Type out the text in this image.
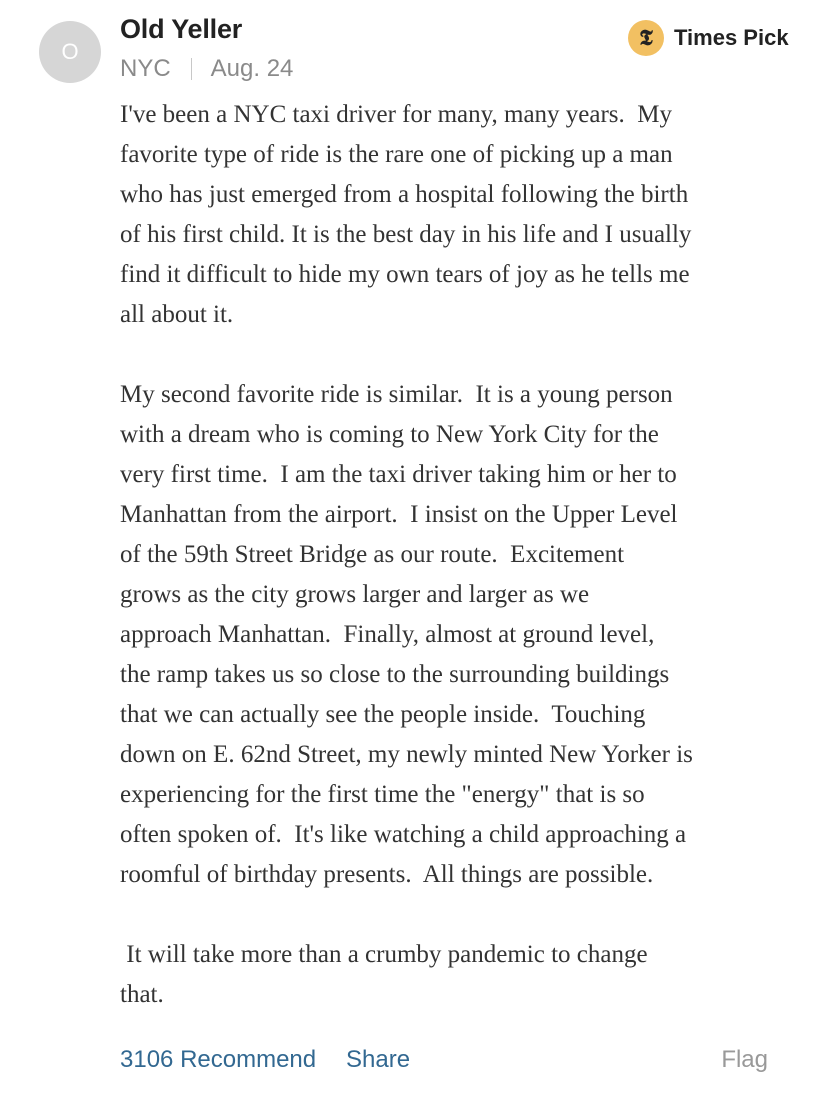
O
Old Yeller
NYC Aug. 24
𝕿 Times Pick

I've been a NYC taxi driver for many, many years.  My
favorite type of ride is the rare one of picking up a man
who has just emerged from a hospital following the birth
of his first child. It is the best day in his life and I usually
find it difficult to hide my own tears of joy as he tells me
all about it.

My second favorite ride is similar.  It is a young person
with a dream who is coming to New York City for the
very first time.  I am the taxi driver taking him or her to
Manhattan from the airport.  I insist on the Upper Level
of the 59th Street Bridge as our route.  Excitement
grows as the city grows larger and larger as we
approach Manhattan.  Finally, almost at ground level,
the ramp takes us so close to the surrounding buildings
that we can actually see the people inside.  Touching
down on E. 62nd Street, my newly minted New Yorker is
experiencing for the first time the "energy" that is so
often spoken of.  It's like watching a child approaching a
roomful of birthday presents.  All things are possible.

It will take more than a crumby pandemic to change
that.

3106 Recommend Share	Flag
